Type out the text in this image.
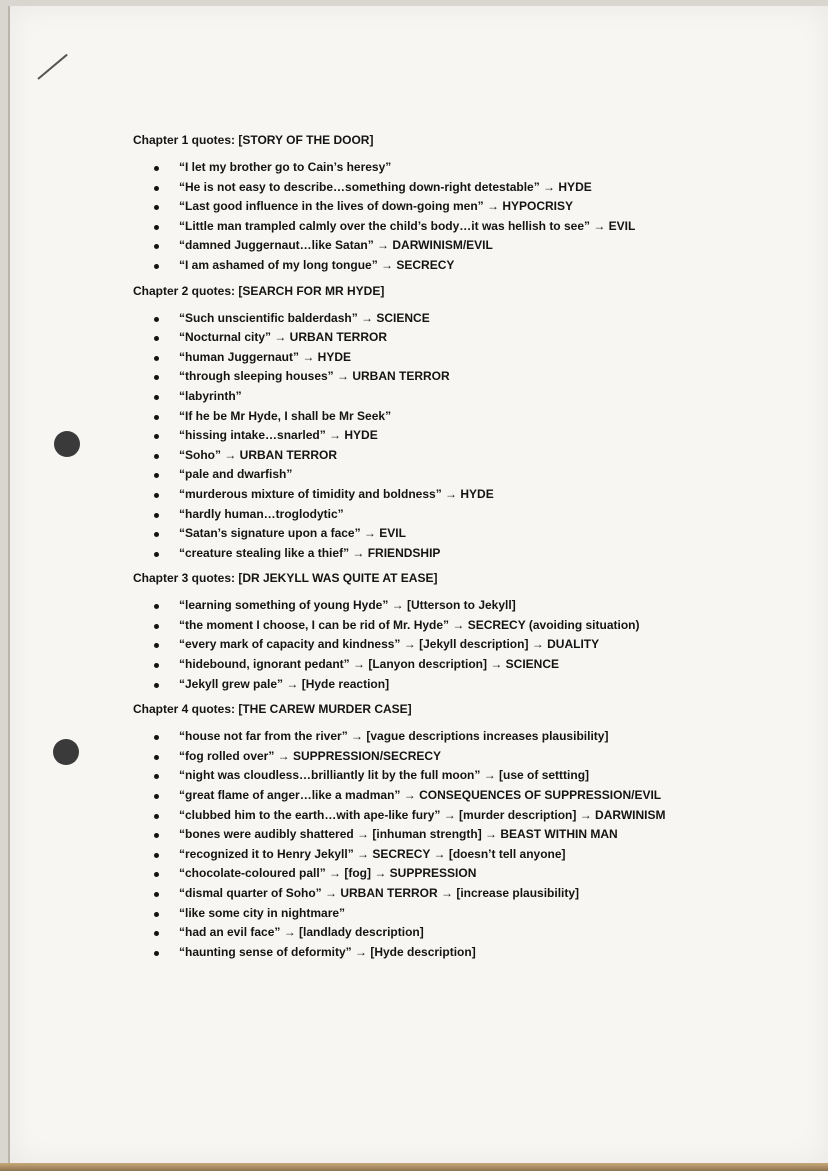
Chapter 1 quotes: [STORY OF THE DOOR]
“I let my brother go to Cain’s heresy”
“He is not easy to describe…something down-right detestable” → HYDE
“Last good influence in the lives of down-going men” → HYPOCRISY
“Little man trampled calmly over the child’s body…it was hellish to see” → EVIL
“damned Juggernaut…like Satan” → DARWINISM/EVIL
“I am ashamed of my long tongue” → SECRECY
Chapter 2 quotes: [SEARCH FOR MR HYDE]
“Such unscientific balderdash” → SCIENCE
“Nocturnal city” → URBAN TERROR
“human Juggernaut” → HYDE
“through sleeping houses” → URBAN TERROR
“labyrinth”
“If he be Mr Hyde, I shall be Mr Seek”
“hissing intake…snarled” → HYDE
“Soho” → URBAN TERROR
“pale and dwarfish”
“murderous mixture of timidity and boldness” → HYDE
“hardly human…troglodytic”
“Satan’s signature upon a face” → EVIL
“creature stealing like a thief” → FRIENDSHIP
Chapter 3 quotes: [DR JEKYLL WAS QUITE AT EASE]
“learning something of young Hyde” → [Utterson to Jekyll]
“the moment I choose, I can be rid of Mr. Hyde” → SECRECY (avoiding situation)
“every mark of capacity and kindness” → [Jekyll description] → DUALITY
“hidebound, ignorant pedant” → [Lanyon description] → SCIENCE
“Jekyll grew pale” → [Hyde reaction]
Chapter 4 quotes: [THE CAREW MURDER CASE]
“house not far from the river” → [vague descriptions increases plausibility]
“fog rolled over” → SUPPRESSION/SECRECY
“night was cloudless…brilliantly lit by the full moon” → [use of settting]
“great flame of anger…like a madman” → CONSEQUENCES OF SUPPRESSION/EVIL
“clubbed him to the earth…with ape-like fury” → [murder description] → DARWINISM
“bones were audibly shattered → [inhuman strength] → BEAST WITHIN MAN
“recognized it to Henry Jekyll” → SECRECY → [doesn’t tell anyone]
“chocolate-coloured pall” → [fog] → SUPPRESSION
“dismal quarter of Soho” → URBAN TERROR → [increase plausibility]
“like some city in nightmare”
“had an evil face” → [landlady description]
“haunting sense of deformity” → [Hyde description]
